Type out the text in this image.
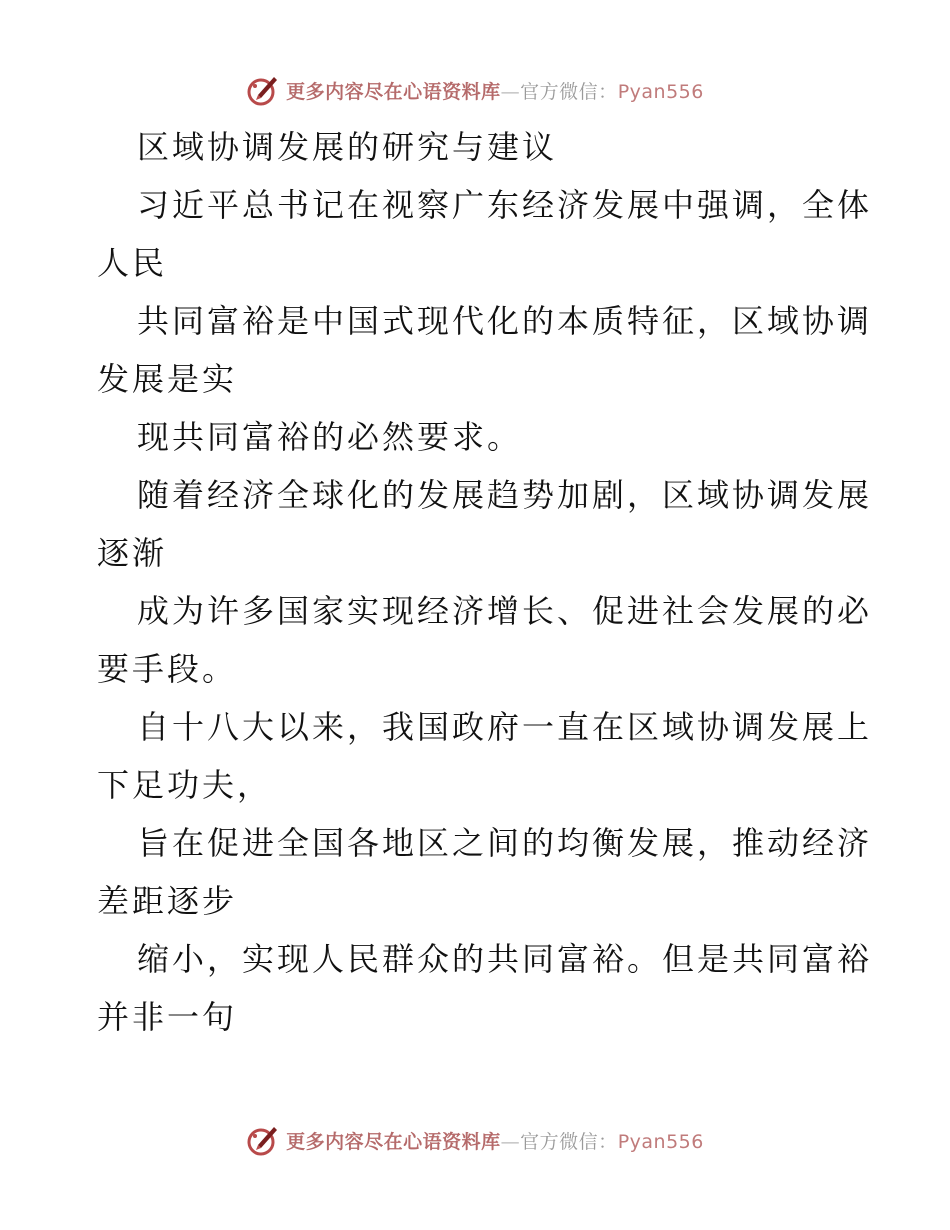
更多内容尽在心语资料库—官方微信：Pyan556

区域协调发展的研究与建议

习近平总书记在视察广东经济发展中强调，全体

人民

共同富裕是中国式现代化的本质特征，区域协调

发展是实

现共同富裕的必然要求。

随着经济全球化的发展趋势加剧，区域协调发展

逐渐

成为许多国家实现经济增长、促进社会发展的必

要手段。

自十八大以来，我国政府一直在区域协调发展上

下足功夫，

旨在促进全国各地区之间的均衡发展，推动经济

差距逐步

缩小，实现人民群众的共同富裕。但是共同富裕

并非一句

更多内容尽在心语资料库—官方微信：Pyan556
